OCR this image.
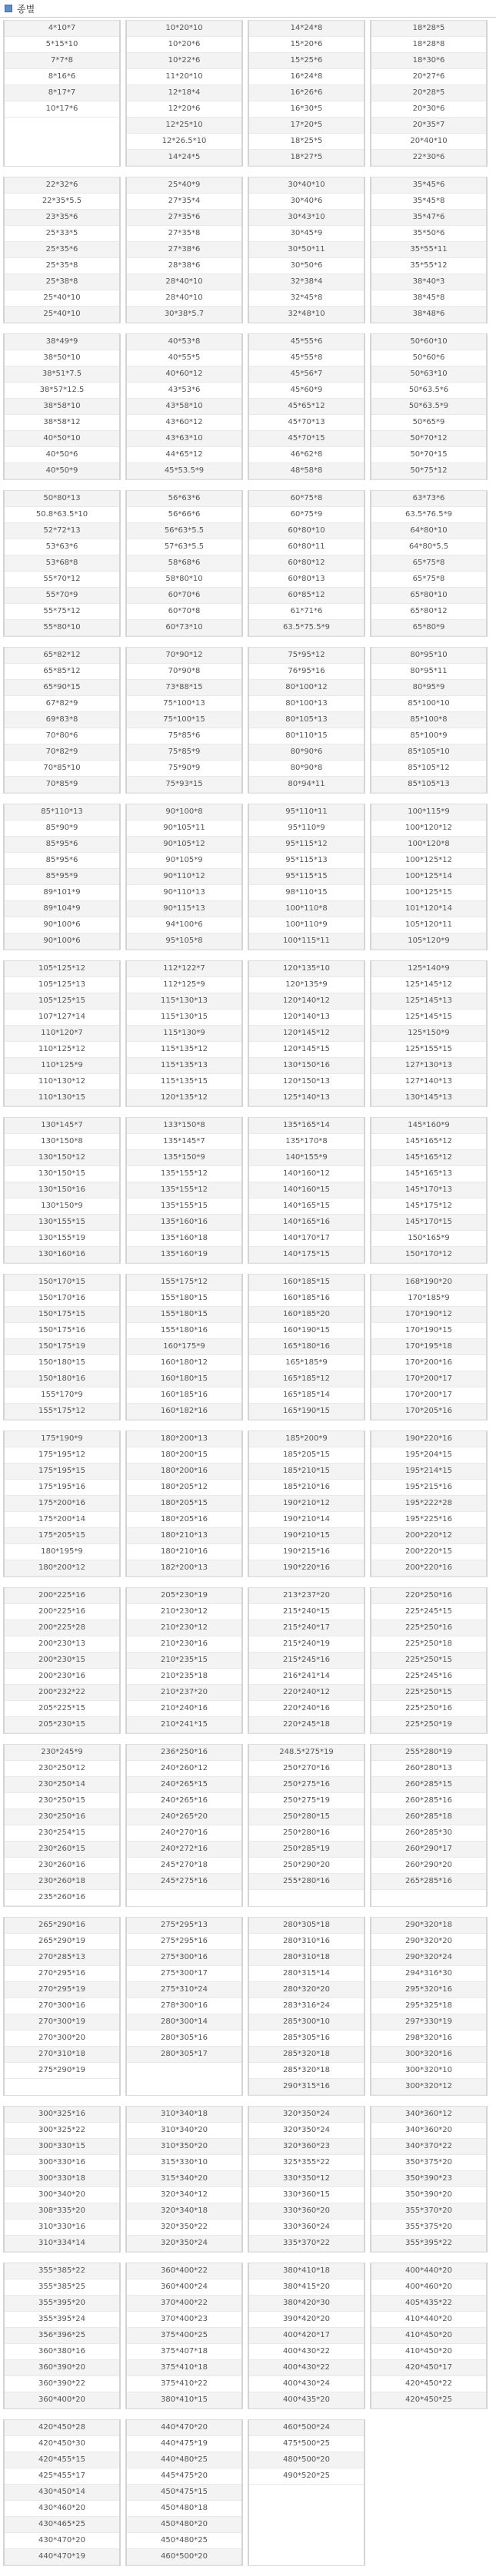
종별
4*10*7
5*15*10
7*7*8
8*16*6
8*17*7
10*17*6
10*20*10
10*20*6
10*22*6
11*20*10
12*18*4
12*20*6
12*25*10
12*26.5*10
14*24*5
14*24*8
15*20*6
15*25*6
16*24*8
16*26*6
16*30*5
17*20*5
18*25*5
18*27*5
18*28*5
18*28*8
18*30*6
20*27*6
20*28*5
20*30*6
20*35*7
20*40*10
22*30*6
22*32*6
22*35*5.5
23*35*6
25*33*5
25*35*6
25*35*8
25*38*8
25*40*10
25*40*10
25*40*9
27*35*4
27*35*6
27*35*8
27*38*6
28*38*6
28*40*10
28*40*10
30*38*5.7
30*40*10
30*40*6
30*43*10
30*45*9
30*50*11
30*50*6
32*38*4
32*45*8
32*48*10
35*45*6
35*45*8
35*47*6
35*50*6
35*55*11
35*55*12
38*40*3
38*45*8
38*48*6
38*49*9
38*50*10
38*51*7.5
38*57*12.5
38*58*10
38*58*12
40*50*10
40*50*6
40*50*9
40*53*8
40*55*5
40*60*12
43*53*6
43*58*10
43*60*12
43*63*10
44*65*12
45*53.5*9
45*55*6
45*55*8
45*56*7
45*60*9
45*65*12
45*70*13
45*70*15
46*62*8
48*58*8
50*60*10
50*60*6
50*63*10
50*63.5*6
50*63.5*9
50*65*9
50*70*12
50*70*15
50*75*12
50*80*13
50.8*63.5*10
52*72*13
53*63*6
53*68*8
55*70*12
55*70*9
55*75*12
55*80*10
56*63*6
56*66*6
56*63*5.5
57*63*5.5
58*68*6
58*80*10
60*70*6
60*70*8
60*73*10
60*75*8
60*75*9
60*80*10
60*80*11
60*80*12
60*80*13
60*85*12
61*71*6
63.5*75.5*9
63*73*6
63.5*76.5*9
64*80*10
64*80*5.5
65*75*8
65*75*8
65*80*10
65*80*12
65*80*9
65*82*12
65*85*12
65*90*15
67*82*9
69*83*8
70*80*6
70*82*9
70*85*10
70*85*9
70*90*12
70*90*8
73*88*15
75*100*13
75*100*15
75*85*6
75*85*9
75*90*9
75*93*15
75*95*12
76*95*16
80*100*12
80*100*13
80*105*13
80*110*15
80*90*6
80*90*8
80*94*11
80*95*10
80*95*11
80*95*9
85*100*10
85*100*8
85*100*9
85*105*10
85*105*12
85*105*13
85*110*13
85*90*9
85*95*6
85*95*6
85*95*9
89*101*9
89*104*9
90*100*6
90*100*6
90*100*8
90*105*11
90*105*12
90*105*9
90*110*12
90*110*13
90*115*13
94*100*6
95*105*8
95*110*11
95*110*9
95*115*12
95*115*13
95*115*15
98*110*15
100*110*8
100*110*9
100*115*11
100*115*9
100*120*12
100*120*8
100*125*12
100*125*14
100*125*15
101*120*14
105*120*11
105*120*9
105*125*12
105*125*13
105*125*15
107*127*14
110*120*7
110*125*12
110*125*9
110*130*12
110*130*15
112*122*7
112*125*9
115*130*13
115*130*15
115*130*9
115*135*12
115*135*13
115*135*15
120*135*12
120*135*10
120*135*9
120*140*12
120*140*13
120*145*12
120*145*15
130*150*16
120*150*13
125*140*13
125*140*9
125*145*12
125*145*13
125*145*15
125*150*9
125*155*15
127*130*13
127*140*13
130*145*13
130*145*7
130*150*8
130*150*12
130*150*15
130*150*16
130*150*9
130*155*15
130*155*19
130*160*16
133*150*8
135*145*7
135*150*9
135*155*12
135*155*12
135*155*15
135*160*16
135*160*18
135*160*19
135*165*14
135*170*8
140*155*9
140*160*12
140*160*15
140*165*15
140*165*16
140*170*17
140*175*15
145*160*9
145*165*12
145*165*12
145*165*13
145*170*13
145*175*12
145*170*15
150*165*9
150*170*12
150*170*15
150*170*16
150*175*15
150*175*16
150*175*19
150*180*15
150*180*16
155*170*9
155*175*12
155*175*12
155*180*15
155*180*15
155*180*16
160*175*9
160*180*12
160*180*15
160*185*16
160*182*16
160*185*15
160*185*16
160*185*20
160*190*15
165*180*16
165*185*9
165*185*12
165*185*14
165*190*15
168*190*20
170*185*9
170*190*12
170*190*15
170*195*18
170*200*16
170*200*17
170*200*17
170*205*16
175*190*9
175*195*12
175*195*15
175*195*16
175*200*16
175*200*14
175*205*15
180*195*9
180*200*12
180*200*13
180*200*15
180*200*16
180*205*12
180*205*15
180*205*16
180*210*13
180*210*16
182*200*13
185*200*9
185*205*15
185*210*15
185*210*16
190*210*12
190*210*14
190*210*15
190*215*16
190*220*16
190*220*16
195*204*15
195*214*15
195*215*16
195*222*28
195*225*16
200*220*12
200*220*15
200*220*16
200*225*16
200*225*16
200*225*28
200*230*13
200*230*15
200*230*16
200*232*22
205*225*15
205*230*15
205*230*19
210*230*12
210*230*12
210*230*16
210*235*15
210*235*18
210*237*20
210*240*16
210*241*15
213*237*20
215*240*15
215*240*17
215*240*19
215*245*16
216*241*14
220*240*12
220*240*16
220*245*18
220*250*16
225*245*15
225*250*16
225*250*18
225*250*15
225*245*16
225*250*15
225*250*16
225*250*19
230*245*9
230*250*12
230*250*14
230*250*15
230*250*16
230*254*15
230*260*15
230*260*16
230*260*18
235*260*16
236*250*16
240*260*12
240*265*15
240*265*16
240*265*20
240*270*16
240*272*16
245*270*18
245*275*16
248.5*275*19
250*270*16
250*275*16
250*275*19
250*280*15
250*280*16
250*285*19
250*290*20
255*280*16
255*280*19
260*280*13
260*285*15
260*285*16
260*285*18
260*285*30
260*290*17
260*290*20
265*285*16
265*290*16
265*290*19
270*285*13
270*295*16
270*295*19
270*300*16
270*300*19
270*300*20
270*310*18
275*290*19
275*295*13
275*295*16
275*300*16
275*300*17
275*310*24
278*300*16
280*300*14
280*305*16
280*305*17
280*305*18
280*310*16
280*310*18
280*315*14
280*320*20
283*316*24
285*300*10
285*305*16
285*320*18
285*320*18
290*315*16
290*320*18
290*320*20
290*320*24
294*316*30
295*320*16
295*325*18
297*330*19
298*320*16
300*320*16
300*320*10
300*320*12
300*325*16
300*325*22
300*330*15
300*330*16
300*330*18
300*340*20
308*335*20
310*330*16
310*334*14
310*340*18
310*340*20
310*350*20
315*330*10
315*340*20
320*340*12
320*340*18
320*350*22
320*350*24
320*350*24
320*350*24
320*360*23
325*355*22
330*350*12
330*360*15
330*360*20
330*360*24
335*370*22
340*360*12
340*360*20
340*370*22
350*375*20
350*390*23
350*390*20
355*370*20
355*375*20
355*395*22
355*385*22
355*385*25
355*395*20
355*395*24
356*396*25
360*380*16
360*390*20
360*390*22
360*400*20
360*400*22
360*400*24
370*400*22
370*400*23
375*400*25
375*407*18
375*410*18
375*410*22
380*410*15
380*410*18
380*415*20
380*420*30
390*420*20
400*420*17
400*430*22
400*430*22
400*430*24
400*435*20
400*440*20
400*460*20
405*435*22
410*440*20
410*450*20
410*450*20
420*450*17
420*450*22
420*450*25
420*450*28
420*450*30
420*455*15
425*455*17
430*450*14
430*460*20
430*465*25
430*470*20
440*470*19
440*470*20
440*475*19
440*480*25
445*475*20
450*475*15
450*480*18
450*480*20
450*480*25
460*500*20
460*500*24
475*500*25
480*500*20
490*520*25
